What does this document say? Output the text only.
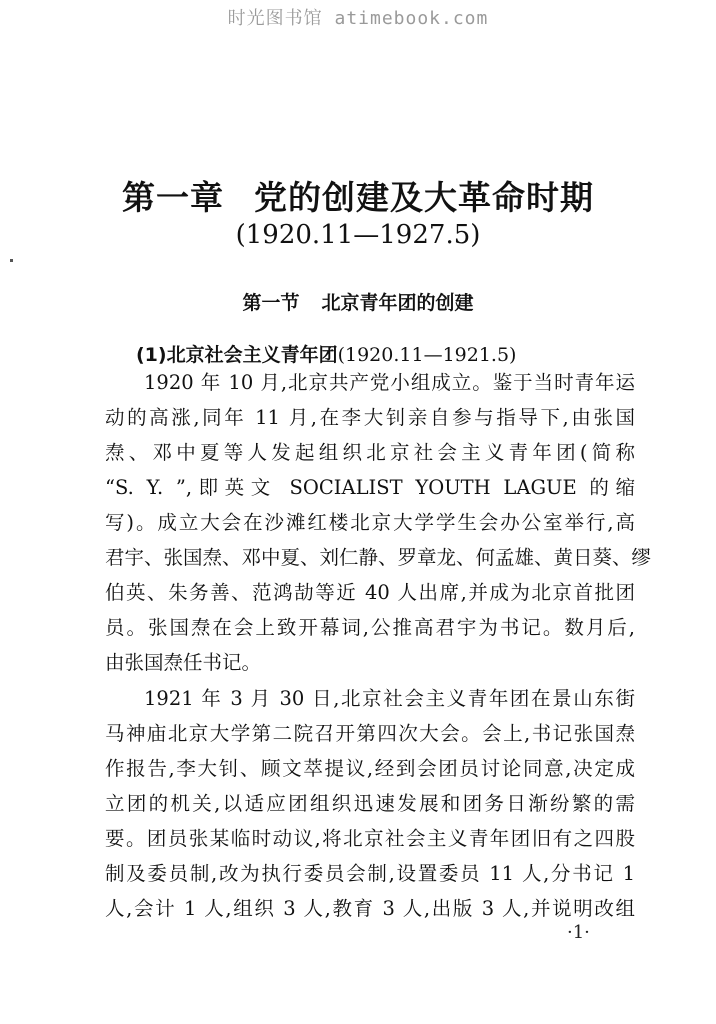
时光图书馆 atimebook.com
第一章 党的创建及大革命时期
(1920.11—1927.5)
第一节 北京青年团的创建
(1)北京社会主义青年团(1920.11—1921.5)
1920 年 10 月,北京共产党小组成立。鉴于当时青年运
动的高涨,同年 11 月,在李大钊亲自参与指导下,由张国
焘、邓中夏等人发起组织北京社会主义青年团(简称
“S. Y. ”,即英文 SOCIALIST YOUTH LAGUE 的缩
写)。成立大会在沙滩红楼北京大学学生会办公室举行,高
君宇、张国焘、邓中夏、刘仁静、罗章龙、何孟雄、黄日葵、缪
伯英、朱务善、范鸿劼等近 40 人出席,并成为北京首批团
员。张国焘在会上致开幕词,公推高君宇为书记。数月后,
由张国焘任书记。
1921 年 3 月 30 日,北京社会主义青年团在景山东街
马神庙北京大学第二院召开第四次大会。会上,书记张国焘
作报告,李大钊、顾文萃提议,经到会团员讨论同意,决定成
立团的机关,以适应团组织迅速发展和团务日渐纷繁的需
要。团员张某临时动议,将北京社会主义青年团旧有之四股
制及委员制,改为执行委员会制,设置委员 11 人,分书记 1
人,会计 1 人,组织 3 人,教育 3 人,出版 3 人,并说明改组
·1·
